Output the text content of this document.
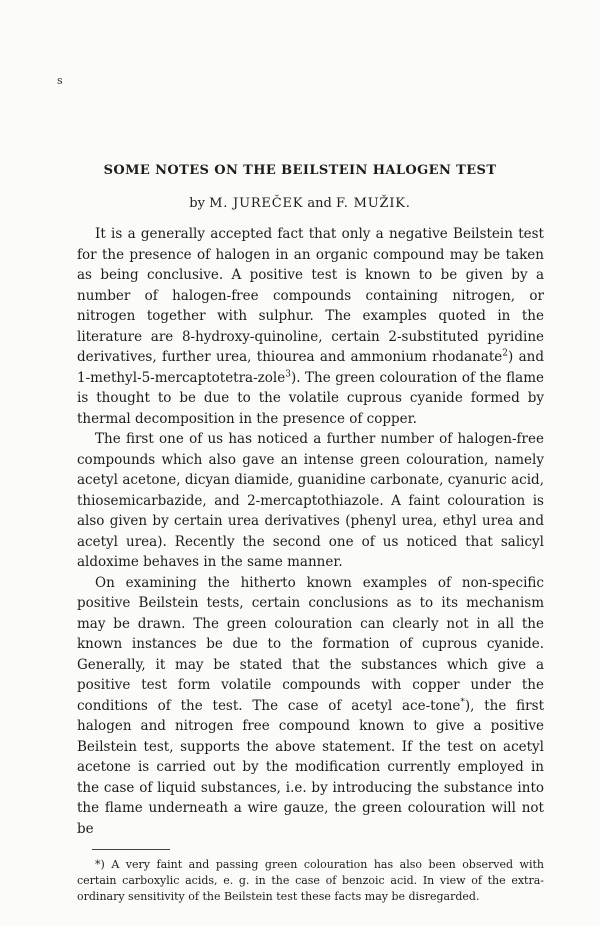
s
SOME NOTES ON THE BEILSTEIN HALOGEN TEST
by M. JUREČEK and F. MUŽIK.

It is a generally accepted fact that only a negative Beilstein test for the presence of halogen in an organic compound may be taken as being conclusive. A positive test is known to be given by a number of halogen-free compounds containing nitrogen, or nitrogen together with sulphur. The examples quoted in the literature are 8-hydroxy-quinoline, certain 2-substituted pyridine derivatives, further urea, thiourea and ammonium rhodanate$^2$) and 1-methyl-5-mercaptotetra-zole$^3$). The green colouration of the flame is thought to be due to the volatile cuprous cyanide formed by thermal decomposition in the presence of copper.

The first one of us has noticed a further number of halogen-free compounds which also gave an intense green colouration, namely acetyl acetone, dicyan diamide, guanidine carbonate, cyanuric acid, thiosemicarbazide, and 2-mercaptothiazole. A faint colouration is also given by certain urea derivatives (phenyl urea, ethyl urea and acetyl urea). Recently the second one of us noticed that salicyl aldoxime behaves in the same manner.

On examining the hitherto known examples of non-specific positive Beilstein tests, certain conclusions as to its mechanism may be drawn. The green colouration can clearly not in all the known instances be due to the formation of cuprous cyanide. Generally, it may be stated that the substances which give a positive test form volatile compounds with copper under the conditions of the test. The case of acetyl ace-tone*), the first halogen and nitrogen free compound known to give a positive Beilstein test, supports the above statement. If the test on acetyl acetone is carried out by the modification currently employed in the case of liquid substances, i.e. by introducing the substance into the flame underneath a wire gauze, the green colouration will not be

*) A very faint and passing green colouration has also been observed with certain carboxylic acids, e. g. in the case of benzoic acid. In view of the extra-ordinary sensitivity of the Beilstein test these facts may be disregarded.
